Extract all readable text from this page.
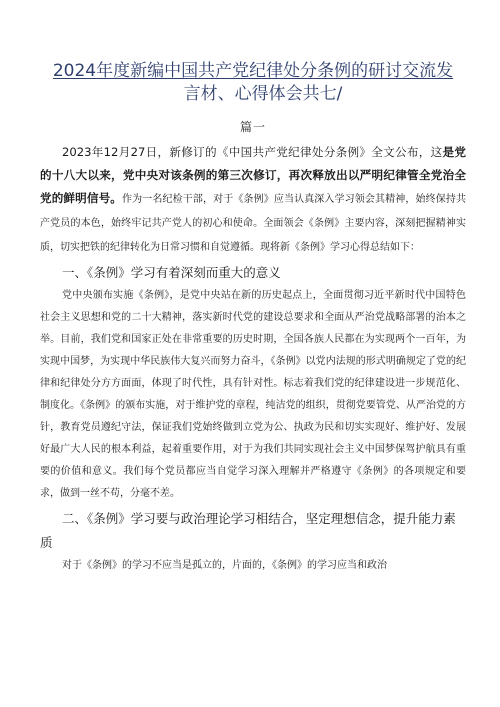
2024年度新编中国共产党纪律处分条例的研讨交流发
言材、心得体会共七/
篇一

2023年12月27日，新修订的《中国共产党纪律处分条例》全文公布，这是党的十八大以来，党中央对该条例的第三次修订，再次释放出以严明纪律管全党治全党的鲜明信号。作为一名纪检干部，对于《条例》应当认真深入学习领会其精神，始终保持共产党员的本色，始终牢记共产党人的初心和使命。全面领会《条例》主要内容，深刻把握精神实质，切实把铁的纪律转化为日常习惯和自觉遵循。现将新《条例》学习心得总结如下：

一、《条例》学习有着深刻而重大的意义

党中央颁布实施《条例》，是党中央站在新的历史起点上，全面贯彻习近平新时代中国特色社会主义思想和党的二十大精神，落实新时代党的建设总要求和全面从严治党战略部署的治本之举。目前，我们党和国家正处在非常重要的历史时期，全国各族人民都在为实现两个一百年，为实现中国梦，为实现中华民族伟大复兴而努力奋斗，《条例》以党内法规的形式明确规定了党的纪律和纪律处分方方面面，体现了时代性，具有针对性。标志着我们党的纪律建设进一步规范化、制度化。《条例》的颁布实施，对于维护党的章程，纯洁党的组织，贯彻党要管党、从严治党的方针，教育党员遵纪守法，保证我们党始终做到立党为公、执政为民和切实实现好、维护好、发展好最广大人民的根本利益，起着重要作用，对于为我们共同实现社会主义中国梦保驾护航具有重要的价值和意义。我们每个党员都应当自觉学习深入理解并严格遵守《条例》的各项规定和要求，做到一丝不苟，分毫不差。

二、《条例》学习要与政治理论学习相结合，坚定理想信念，提升能力素质

对于《条例》的学习不应当是孤立的，片面的，《条例》的学习应当和政治
